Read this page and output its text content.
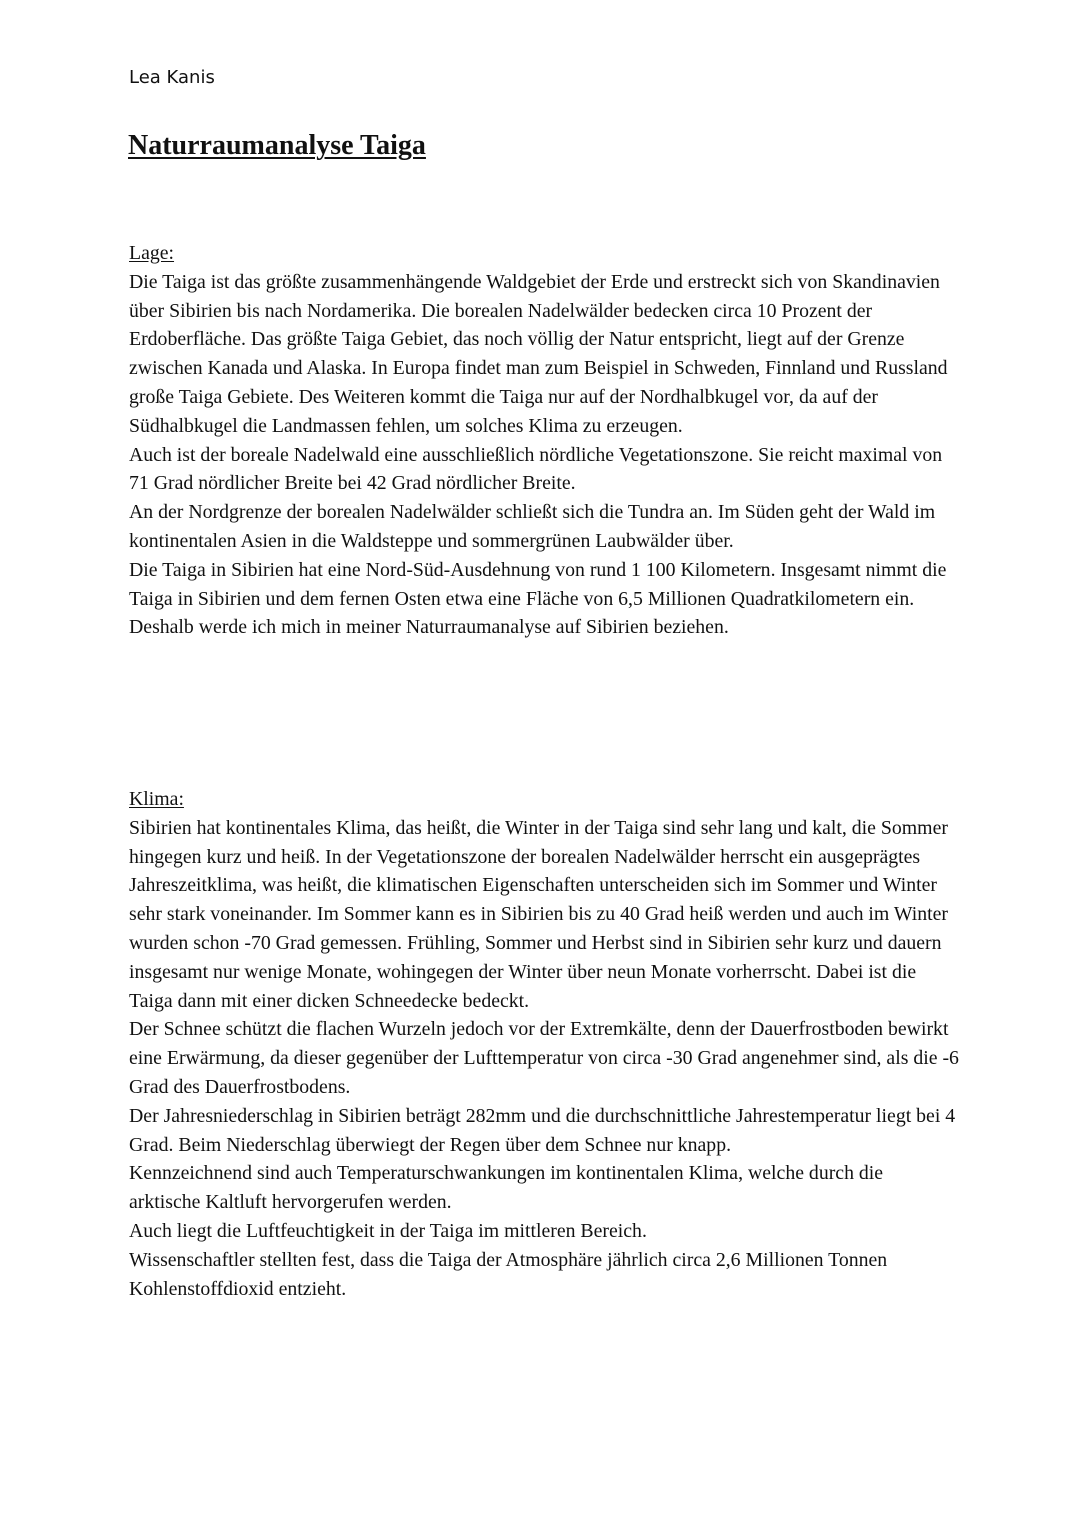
Lea Kanis
Naturraumanalyse Taiga
Lage:

Die Taiga ist das größte zusammenhängende Waldgebiet der Erde und erstreckt sich von Skandinavien über Sibirien bis nach Nordamerika. Die borealen Nadelwälder bedecken circa 10 Prozent der Erdoberfläche. Das größte Taiga Gebiet, das noch völlig der Natur entspricht, liegt auf der Grenze zwischen Kanada und Alaska. In Europa findet man zum Beispiel in Schweden, Finnland und Russland große Taiga Gebiete. Des Weiteren kommt die Taiga nur auf der Nordhalbkugel vor, da auf der Südhalbkugel die Landmassen fehlen, um solches Klima zu erzeugen.

Auch ist der boreale Nadelwald eine ausschließlich nördliche Vegetationszone. Sie reicht maximal von 71 Grad nördlicher Breite bei 42 Grad nördlicher Breite.

An der Nordgrenze der borealen Nadelwälder schließt sich die Tundra an. Im Süden geht der Wald im kontinentalen Asien in die Waldsteppe und sommergrünen Laubwälder über.

Die Taiga in Sibirien hat eine Nord-Süd-Ausdehnung von rund 1 100 Kilometern. Insgesamt nimmt die Taiga in Sibirien und dem fernen Osten etwa eine Fläche von 6,5 Millionen Quadratkilometern ein.

Deshalb werde ich mich in meiner Naturraumanalyse auf Sibirien beziehen.

Klima:

Sibirien hat kontinentales Klima, das heißt, die Winter in der Taiga sind sehr lang und kalt, die Sommer hingegen kurz und heiß. In der Vegetationszone der borealen Nadelwälder herrscht ein ausgeprägtes Jahreszeitklima, was heißt, die klimatischen Eigenschaften unterscheiden sich im Sommer und Winter sehr stark voneinander. Im Sommer kann es in Sibirien bis zu 40 Grad heiß werden und auch im Winter wurden schon -70 Grad gemessen. Frühling, Sommer und Herbst sind in Sibirien sehr kurz und dauern insgesamt nur wenige Monate, wohingegen der Winter über neun Monate vorherrscht. Dabei ist die Taiga dann mit einer dicken Schneedecke bedeckt.

Der Schnee schützt die flachen Wurzeln jedoch vor der Extremkälte, denn der Dauerfrostboden bewirkt eine Erwärmung, da dieser gegenüber der Lufttemperatur von circa -30 Grad angenehmer sind, als die -6 Grad des Dauerfrostbodens.

Der Jahresniederschlag in Sibirien beträgt 282mm und die durchschnittliche Jahrestemperatur liegt bei 4 Grad. Beim Niederschlag überwiegt der Regen über dem Schnee nur knapp.

Kennzeichnend sind auch Temperaturschwankungen im kontinentalen Klima, welche durch die arktische Kaltluft hervorgerufen werden.

Auch liegt die Luftfeuchtigkeit in der Taiga im mittleren Bereich.

Wissenschaftler stellten fest, dass die Taiga der Atmosphäre jährlich circa 2,6 Millionen Tonnen Kohlenstoffdioxid entzieht.
